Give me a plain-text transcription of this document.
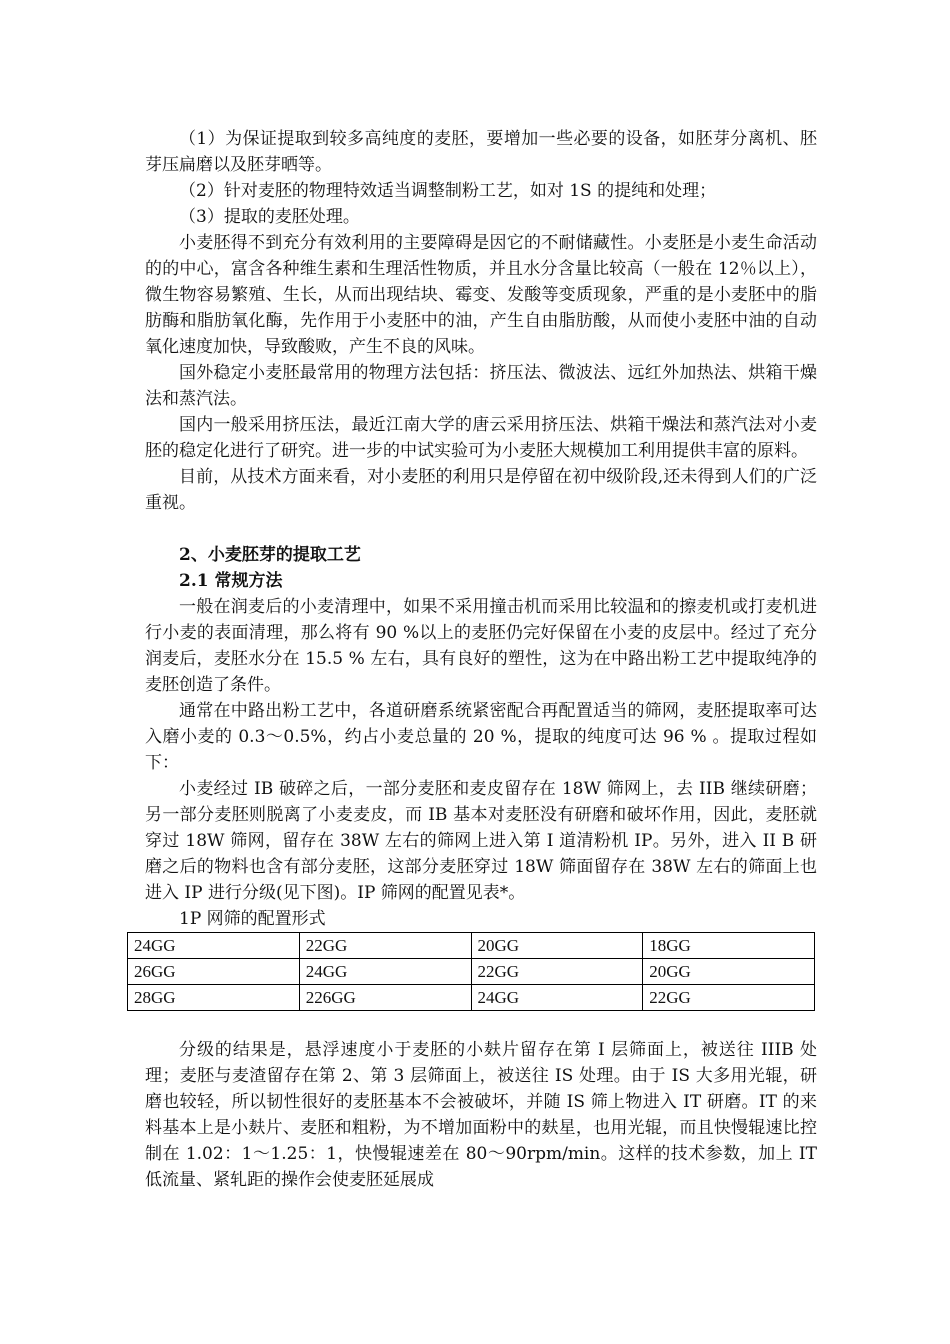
（1）为保证提取到较多高纯度的麦胚，要增加一些必要的设备，如胚芽分离机、胚芽压扁磨以及胚芽晒等。

（2）针对麦胚的物理特效适当调整制粉工艺，如对 1S 的提纯和处理；

（3）提取的麦胚处理。

小麦胚得不到充分有效利用的主要障碍是因它的不耐储藏性。小麦胚是小麦生命活动的的中心，富含各种维生素和生理活性物质，并且水分含量比较高（一般在 12％以上），微生物容易繁殖、生长，从而出现结块、霉变、发酸等变质现象，严重的是小麦胚中的脂肪酶和脂肪氧化酶，先作用于小麦胚中的油，产生自由脂肪酸，从而使小麦胚中油的自动氧化速度加快，导致酸败，产生不良的风味。

国外稳定小麦胚最常用的物理方法包括：挤压法、微波法、远红外加热法、烘箱干燥法和蒸汽法。

国内一般采用挤压法，最近江南大学的唐云采用挤压法、烘箱干燥法和蒸汽法对小麦胚的稳定化进行了研究。进一步的中试实验可为小麦胚大规模加工利用提供丰富的原料。

目前，从技术方面来看，对小麦胚的利用只是停留在初中级阶段,还未得到人们的广泛重视。

2、小麦胚芽的提取工艺

2.1 常规方法

一般在润麦后的小麦清理中，如果不采用撞击机而采用比较温和的擦麦机或打麦机进行小麦的表面清理，那么将有 90 %以上的麦胚仍完好保留在小麦的皮层中。经过了充分润麦后，麦胚水分在 15.5 % 左右，具有良好的塑性，这为在中路出粉工艺中提取纯净的麦胚创造了条件。

通常在中路出粉工艺中，各道研磨系统紧密配合再配置适当的筛网，麦胚提取率可达入磨小麦的 0.3～0.5%，约占小麦总量的 20 %，提取的纯度可达 96 % 。提取过程如下：

小麦经过 IB 破碎之后，一部分麦胚和麦皮留存在 18W 筛网上，去 IIB 继续研磨；另一部分麦胚则脱离了小麦麦皮，而 IB 基本对麦胚没有研磨和破坏作用，因此，麦胚就穿过 18W 筛网，留存在 38W 左右的筛网上进入第 I 道清粉机 IP。另外，进入 II B 研磨之后的物料也含有部分麦胚，这部分麦胚穿过 18W 筛面留存在 38W 左右的筛面上也进入 IP 进行分级(见下图)。IP 筛网的配置见表*。

1P 网筛的配置形式

24GG	22GG	20GG	18GG
26GG	24GG	22GG	20GG
28GG	226GG	24GG	22GG

分级的结果是，悬浮速度小于麦胚的小麸片留存在第 I 层筛面上，被送往 IIIB 处理；麦胚与麦渣留存在第 2、第 3 层筛面上，被送往 IS 处理。由于 IS 大多用光辊，研磨也较轻，所以韧性很好的麦胚基本不会被破坏，并随 IS 筛上物进入 IT 研磨。IT 的来料基本上是小麸片、麦胚和粗粉，为不增加面粉中的麸星，也用光辊，而且快慢辊速比控制在 1.02：1～1.25：1，快慢辊速差在 80～90rpm/min。这样的技术参数，加上 IT 低流量、紧轧距的操作会使麦胚延展成
